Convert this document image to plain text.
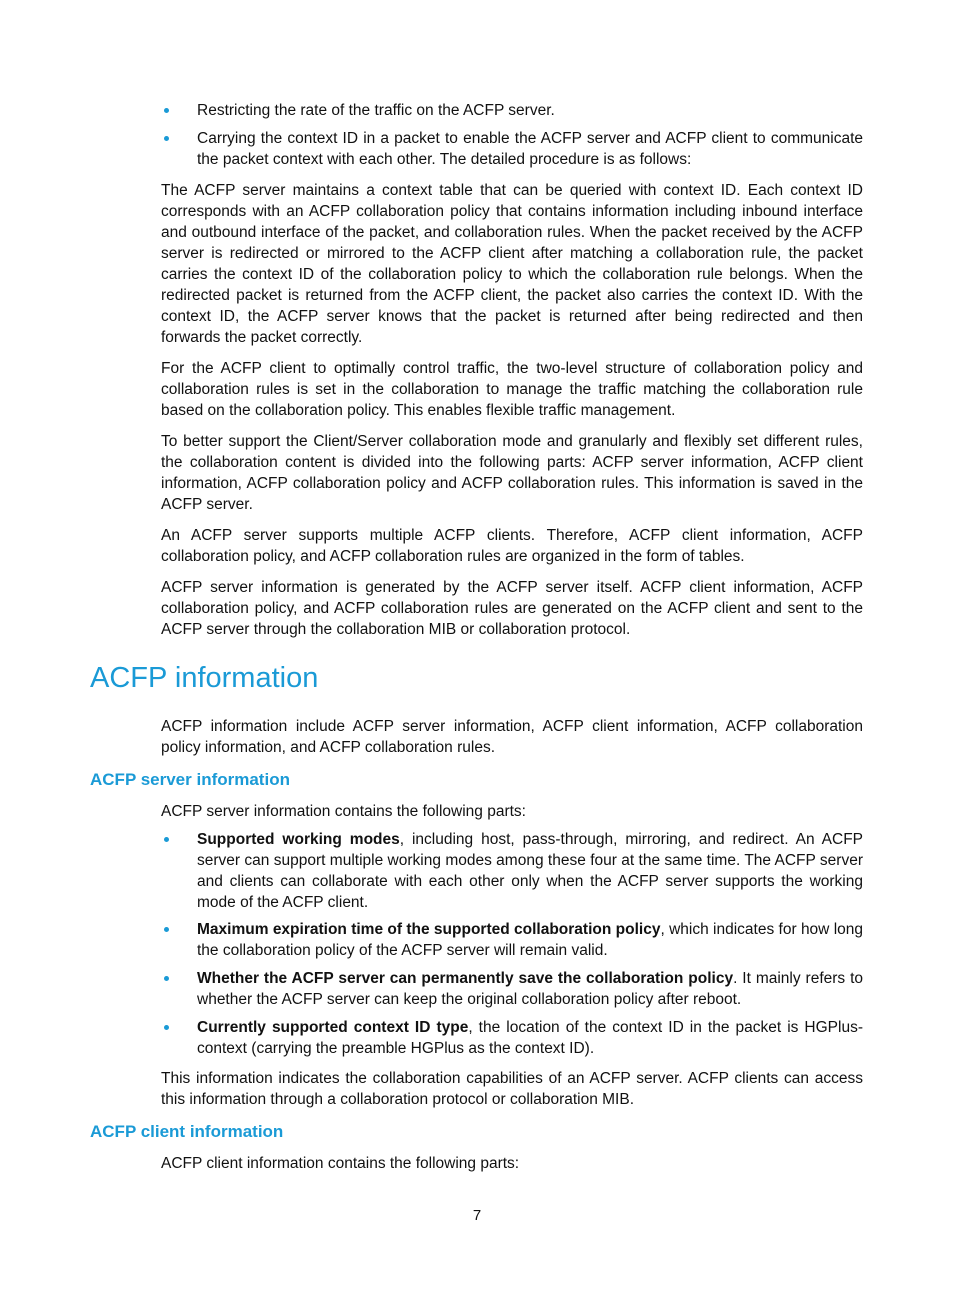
Restricting the rate of the traffic on the ACFP server.
Carrying the context ID in a packet to enable the ACFP server and ACFP client to communicate the packet context with each other. The detailed procedure is as follows:

The ACFP server maintains a context table that can be queried with context ID. Each context ID corresponds with an ACFP collaboration policy that contains information including inbound interface and outbound interface of the packet, and collaboration rules. When the packet received by the ACFP server is redirected or mirrored to the ACFP client after matching a collaboration rule, the packet carries the context ID of the collaboration policy to which the collaboration rule belongs. When the redirected packet is returned from the ACFP client, the packet also carries the context ID. With the context ID, the ACFP server knows that the packet is returned after being redirected and then forwards the packet correctly.

For the ACFP client to optimally control traffic, the two-level structure of collaboration policy and collaboration rules is set in the collaboration to manage the traffic matching the collaboration rule based on the collaboration policy. This enables flexible traffic management.

To better support the Client/Server collaboration mode and granularly and flexibly set different rules, the collaboration content is divided into the following parts: ACFP server information, ACFP client information, ACFP collaboration policy and ACFP collaboration rules. This information is saved in the ACFP server.

An ACFP server supports multiple ACFP clients. Therefore, ACFP client information, ACFP collaboration policy, and ACFP collaboration rules are organized in the form of tables.

ACFP server information is generated by the ACFP server itself. ACFP client information, ACFP collaboration policy, and ACFP collaboration rules are generated on the ACFP client and sent to the ACFP server through the collaboration MIB or collaboration protocol.

ACFP information

ACFP information include ACFP server information, ACFP client information, ACFP collaboration policy information, and ACFP collaboration rules.

ACFP server information

ACFP server information contains the following parts:

Supported working modes, including host, pass-through, mirroring, and redirect. An ACFP server can support multiple working modes among these four at the same time. The ACFP server and clients can collaborate with each other only when the ACFP server supports the working mode of the ACFP client.
Maximum expiration time of the supported collaboration policy, which indicates for how long the collaboration policy of the ACFP server will remain valid.
Whether the ACFP server can permanently save the collaboration policy. It mainly refers to whether the ACFP server can keep the original collaboration policy after reboot.
Currently supported context ID type, the location of the context ID in the packet is HGPlus-context (carrying the preamble HGPlus as the context ID).

This information indicates the collaboration capabilities of an ACFP server. ACFP clients can access this information through a collaboration protocol or collaboration MIB.

ACFP client information

ACFP client information contains the following parts:

7
